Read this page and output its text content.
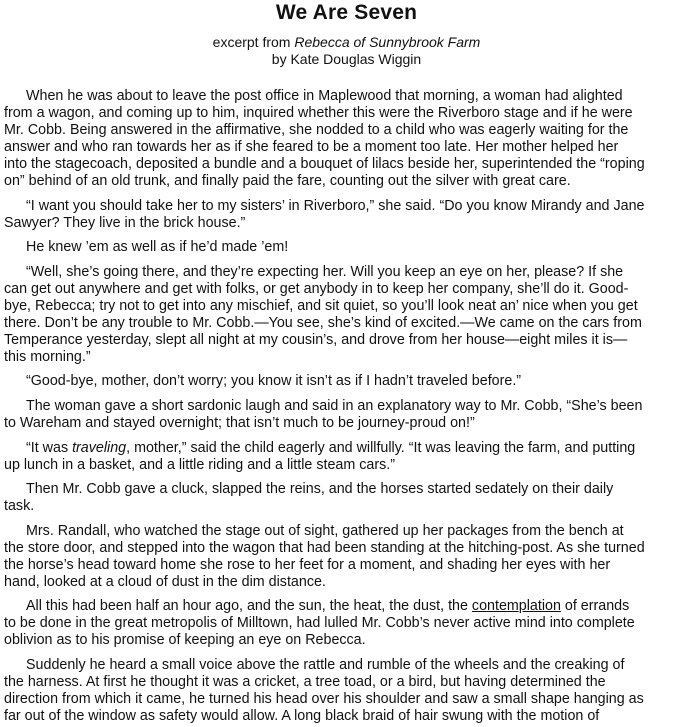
We Are Seven
excerpt from Rebecca of Sunnybrook Farm
by Kate Douglas Wiggin

When he was about to leave the post office in Maplewood that morning, a woman had alighted from a wagon, and coming up to him, inquired whether this were the Riverboro stage and if he were Mr. Cobb. Being answered in the affirmative, she nodded to a child who was eagerly waiting for the answer and who ran towards her as if she feared to be a moment too late. Her mother helped her into the stagecoach, deposited a bundle and a bouquet of lilacs beside her, superintended the “roping on” behind of an old trunk, and finally paid the fare, counting out the silver with great care.

“I want you should take her to my sisters’ in Riverboro,” she said. “Do you know Mirandy and Jane Sawyer? They live in the brick house.”

He knew ’em as well as if he’d made ’em!

“Well, she’s going there, and they’re expecting her. Will you keep an eye on her, please? If she can get out anywhere and get with folks, or get anybody in to keep her company, she’ll do it. Good-bye, Rebecca; try not to get into any mischief, and sit quiet, so you’ll look neat an’ nice when you get there. Don’t be any trouble to Mr. Cobb.—You see, she’s kind of excited.—We came on the cars from Temperance yesterday, slept all night at my cousin’s, and drove from her house—eight miles it is—this morning.”

“Good-bye, mother, don’t worry; you know it isn’t as if I hadn’t traveled before.”

The woman gave a short sardonic laugh and said in an explanatory way to Mr. Cobb, “She’s been to Wareham and stayed overnight; that isn’t much to be journey-proud on!”

“It was traveling, mother,” said the child eagerly and willfully. “It was leaving the farm, and putting up lunch in a basket, and a little riding and a little steam cars.”

Then Mr. Cobb gave a cluck, slapped the reins, and the horses started sedately on their daily task.

Mrs. Randall, who watched the stage out of sight, gathered up her packages from the bench at the store door, and stepped into the wagon that had been standing at the hitching-post. As she turned the horse’s head toward home she rose to her feet for a moment, and shading her eyes with her hand, looked at a cloud of dust in the dim distance.

All this had been half an hour ago, and the sun, the heat, the dust, the contemplation of errands to be done in the great metropolis of Milltown, had lulled Mr. Cobb’s never active mind into complete oblivion as to his promise of keeping an eye on Rebecca.

Suddenly he heard a small voice above the rattle and rumble of the wheels and the creaking of the harness. At first he thought it was a cricket, a tree toad, or a bird, but having determined the direction from which it came, he turned his head over his shoulder and saw a small shape hanging as far out of the window as safety would allow. A long black braid of hair swung with the motion of
